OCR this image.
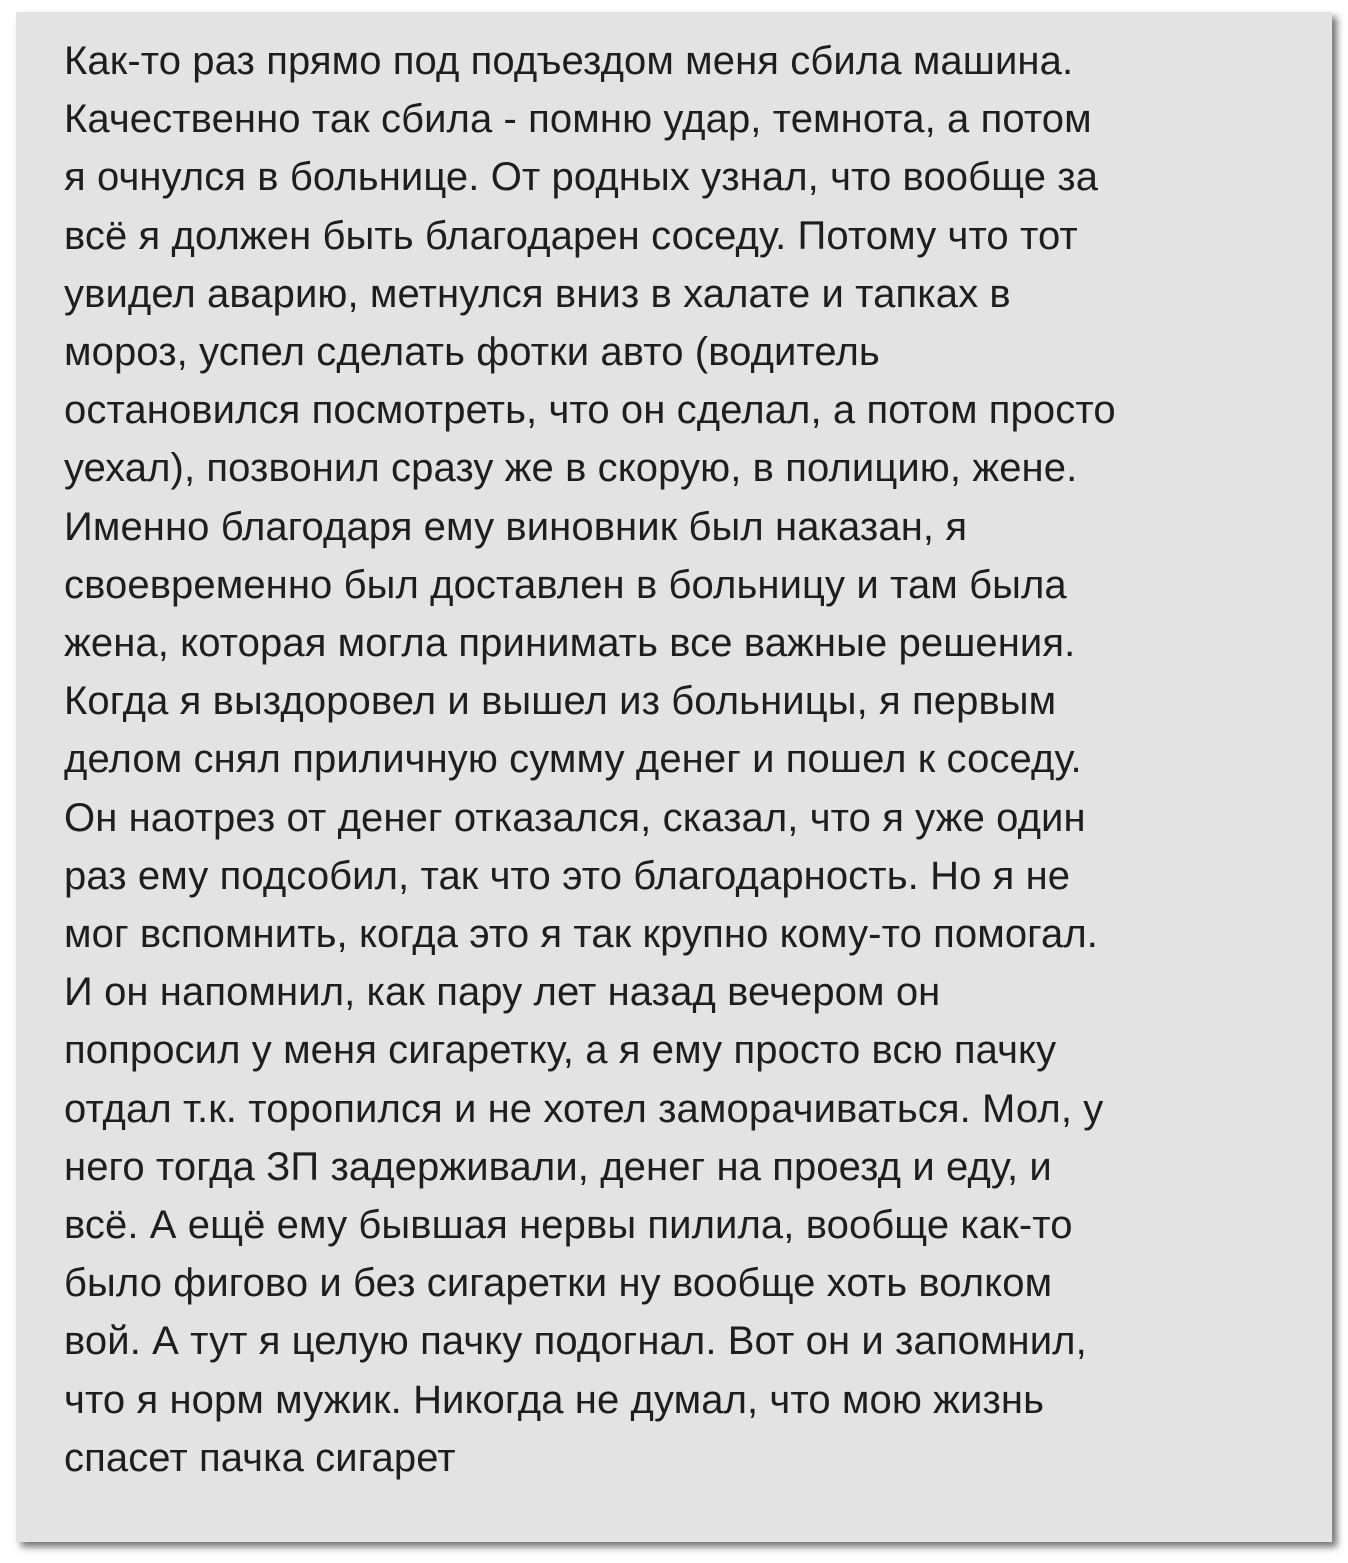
Как-то раз прямо под подъездом меня сбила машина.
Качественно так сбила - помню удар, темнота, а потом
я очнулся в больнице. От родных узнал, что вообще за
всё я должен быть благодарен соседу. Потому что тот
увидел аварию, метнулся вниз в халате и тапках в
мороз, успел сделать фотки авто (водитель
остановился посмотреть, что он сделал, а потом просто
уехал), позвонил сразу же в скорую, в полицию, жене.
Именно благодаря ему виновник был наказан, я
своевременно был доставлен в больницу и там была
жена, которая могла принимать все важные решения.
Когда я выздоровел и вышел из больницы, я первым
делом снял приличную сумму денег и пошел к соседу.
Он наотрез от денег отказался, сказал, что я уже один
раз ему подсобил, так что это благодарность. Но я не
мог вспомнить, когда это я так крупно кому-то помогал.
И он напомнил, как пару лет назад вечером он
попросил у меня сигаретку, а я ему просто всю пачку
отдал т.к. торопился и не хотел заморачиваться. Мол, у
него тогда ЗП задерживали, денег на проезд и еду, и
всё. А ещё ему бывшая нервы пилила, вообще как-то
было фигово и без сигаретки ну вообще хоть волком
вой. А тут я целую пачку подогнал. Вот он и запомнил,
что я норм мужик. Никогда не думал, что мою жизнь
спасет пачка сигарет
